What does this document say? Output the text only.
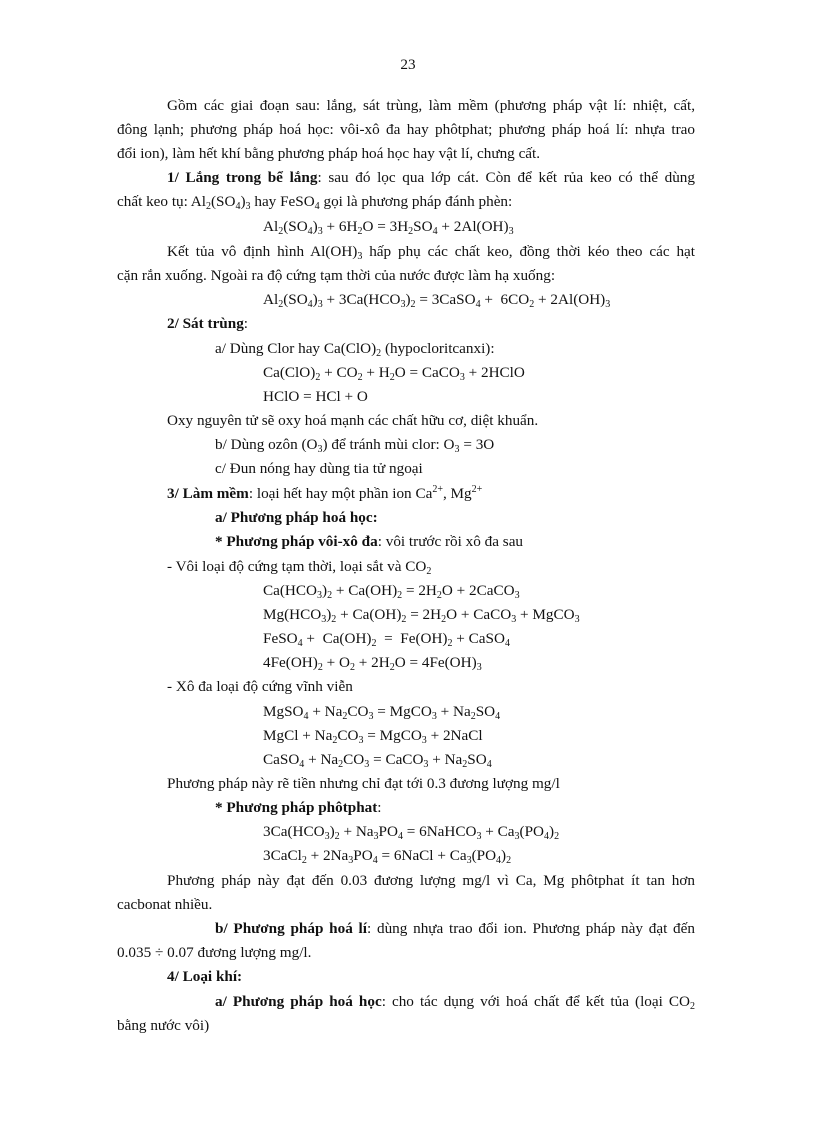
23
Gồm các giai đoạn sau: lắng, sát trùng, làm mềm (phương pháp vật lí: nhiệt, cất,
đông lạnh; phương pháp hoá học: vôi-xô đa hay phôtphat; phương pháp hoá lí: nhựa trao
đổi ion), làm hết khí bằng phương pháp hoá học hay vật lí, chưng cất.
1/ Lắng trong bể lắng: sau đó lọc qua lớp cát. Còn để kết rủa keo có thể dùng
chất keo tụ: $Al_2(SO_4)_3$ hay FeSO$_4$ gọi là phương pháp đánh phèn:
$Al_2(SO_4)_3 + 6H_2O = 3H_2SO_4 + 2Al(OH)_3$
Kết tủa vô định hình $Al(OH)_3$ hấp phụ các chất keo, đồng thời kéo theo các hạt
cặn rắn xuống. Ngoài ra độ cứng tạm thời của nước được làm hạ xuống:
$Al_2(SO_4)_3 + 3Ca(HCO_3)_2$ = 3CaSO$_4$ +  $6CO_2 + 2Al(OH)_3$
2/ Sát trùng:
a/ Dùng Clor hay $Ca(ClO)_2$ (hypocloritcanxi):
$Ca(ClO)_2 + CO_2 + H_2O$ = CaCO$_3$ + 2HClO
HClO = HCl + O
Oxy nguyên tử sẽ oxy hoá mạnh các chất hữu cơ, diệt khuẩn.
b/ Dùng ozôn $(O_3)$ để tránh mùi clor: $O_3 = 3O$
c/ Đun nóng hay dùng tia tử ngoại
3/ Làm mềm: loại hết hay một phần ion $Ca^{2+}$, $Mg^{2+}$
a/ Phương pháp hoá học:
* Phương pháp vôi-xô đa: vôi trước rồi xô đa sau
- Vôi loại độ cứng tạm thời, loại sắt và $CO_2$
$Ca(HCO_3)_2 + Ca(OH)_2 = 2H_2O$ + 2CaCO$_3$
$Mg(HCO_3)_2 + Ca(OH)_2 = 2H_2O$ + CaCO$_3$ + MgCO$_3$
FeSO$_4$ +  $Ca(OH)_2 = Fe(OH)_2$ + CaSO$_4$
$4Fe(OH)_2 + O_2 + 2H_2O = 4Fe(OH)_3$
- Xô đa loại độ cứng vĩnh viễn
MgSO$_4$ + $Na_2CO_3$ = MgCO$_3$ + $Na_2SO_4$
MgCl + $Na_2CO_3$ = MgCO$_3$ + 2NaCl
CaSO$_4$ + $Na_2CO_3$ = CaCO$_3$ + $Na_2SO_4$
Phương pháp này rẽ tiền nhưng chỉ đạt tới 0.3 đương lượng mg/l
* Phương pháp phôtphat:
$3Ca(HCO_3)_2 + Na_3PO_4$ = 6NaHCO$_3$ + $Ca_3(PO_4)_2$
3CaCl$_2$ + $2Na_3PO_4$ = 6NaCl + $Ca_3(PO_4)_2$
Phương pháp này đạt đến 0.03 đương lượng mg/l vì Ca, Mg phôtphat ít tan hơn
cacbonat nhiều.
b/ Phương pháp hoá lí: dùng nhựa trao đổi ion. Phương pháp này đạt đến
0.035 ÷ 0.07 đương lượng mg/l.
4/ Loại khí:
a/ Phương pháp hoá học: cho tác dụng với hoá chất để kết tủa (loại $CO_2$
bằng nước vôi)
